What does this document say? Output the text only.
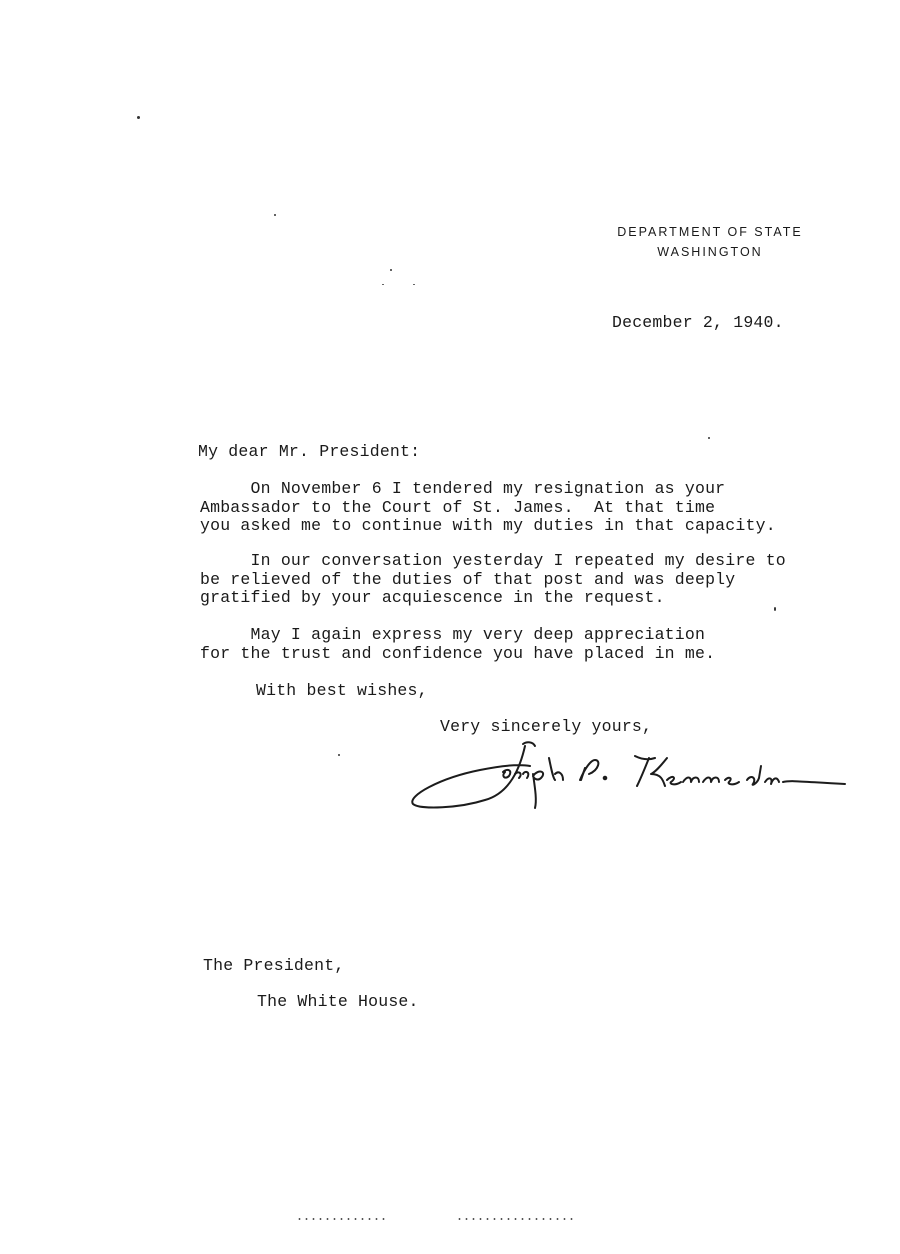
DEPARTMENT OF STATE
WASHINGTON
December 2, 1940.
My dear Mr. President:
On November 6 I tendered my resignation as your
Ambassador to the Court of St. James.  At that time
you asked me to continue with my duties in that capacity.
In our conversation yesterday I repeated my desire to
be relieved of the duties of that post and was deeply
gratified by your acquiescence in the request.
May I again express my very deep appreciation
for the trust and confidence you have placed in me.
With best wishes,
Very sincerely yours,
The President,
The White House.
